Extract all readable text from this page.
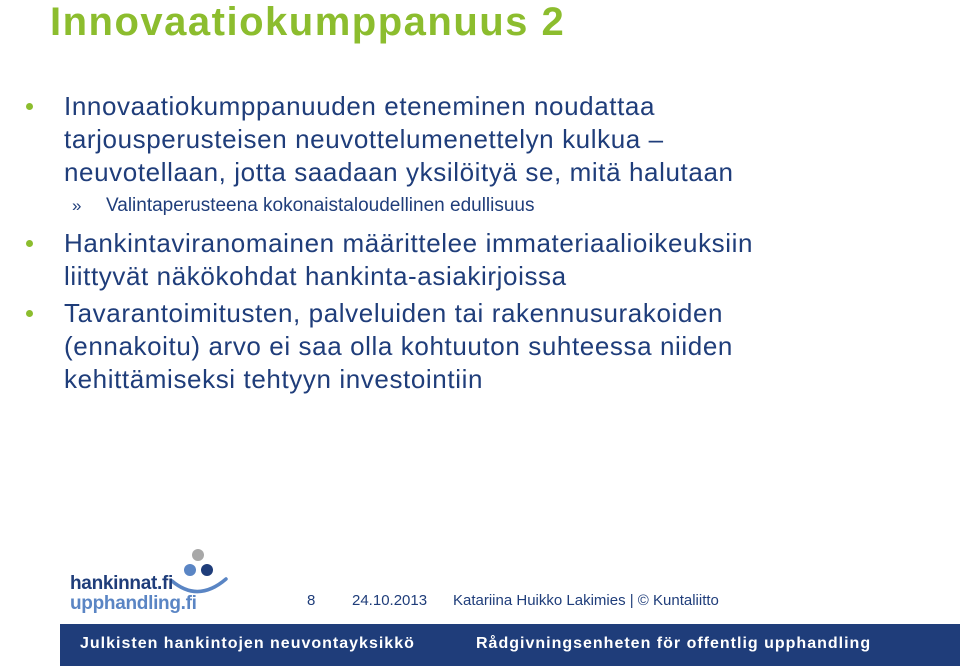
Innovaatiokumppanuus 2
Innovaatiokumppanuuden eteneminen noudattaa
tarjousperusteisen neuvottelumenettelyn kulkua –
neuvotellaan, jotta saadaan yksilöityä se, mitä halutaan
» Valintaperusteena kokonaistaloudellinen edullisuus
Hankintaviranomainen määrittelee immateriaalioikeuksiin
liittyvät näkökohdat hankinta-asiakirjoissa
Tavarantoimitusten, palveluiden tai rakennusurakoiden
(ennakoitu) arvo ei saa olla kohtuuton suhteessa niiden
kehittämiseksi tehtyyn investointiin
hankinnat.fi
upphandling.fi	8 24.10.2013 Katariina Huikko Lakimies | © Kuntaliitto
Julkisten hankintojen neuvontayksikkö	Rådgivningsenheten för offentlig upphandling
